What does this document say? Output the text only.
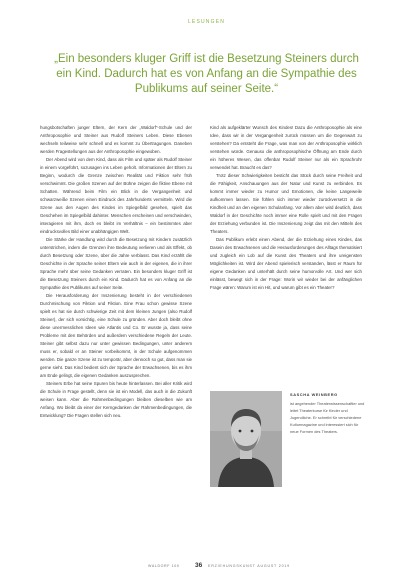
LESUNGEN
„Ein besonders kluger Griff ist die Besetzung Steiners durch ein Kind. Dadurch hat es von Anfang an die Sympathie des Publikums auf seiner Seite.“

hungsbotschaften junger Eltern, der Kern der „Waldorf“-Schule und der Anthroposophie und Steiner aus Rudolf Steiners Leben. Diese Ebenen wechseln teilweise sehr schnell und es kommt zu Übertragungen. Daneben werden Fragestellungen aus der Anthroposophie eingewoben.

Der Abend wird von dem Kind, dass als Film und später als Rudolf Steiner in einem vorgeführt, sozusagen ins Leben geholt. Informationen der Eltern zu Beginn, wodurch die Grenze zwischen Realität und Fiktion sehr früh verschwimmt. Die großen Szenen auf der Bühne zeigen die fiktive Ebene mit Schatten. Während beim Film ein Blick in die Vergangenheit und schwarzweiße Szenen einen Eindruck des Jahrhunderts vermitteln. Wird die Szene aus den Augen des Kindes im Spiegelbild gesehen, spielt das Geschehen im Spiegelbild dahinter. Menschen erscheinen und verschwinden, interagieren mit ihm, doch es bleibt im Verhältnis – ein bestimmtes aber eindrucksvolles Bild einer unabhängigen Welt.

Die Stärke der Handlung wird durch die Besetzung mit Kindern zusätzlich unterstrichen, indem die Grenzen ihre Bedeutung verlieren und als Effekt, ob durch Besetzung oder Szene, über die Jahre verblasst. Das Kind erzählt die Geschichte in der Sprache seiner Eltern wie auch in der eigenen, die in ihrer Sprache mehr über seine Gedanken verraten. Ein besonders kluger Griff ist die Besetzung Steiners durch ein Kind. Dadurch hat es von Anfang an die Sympathie des Publikums auf seiner Seite.

Die Herausforderung der Inszenierung besteht in der verschiedenen Durchmischung von Fiktion und Fiktion. Eine Frau schon gewisse Szene spielt es hat sie durch schwierige Zeit mit dem kleinen Jungen (also Rudolf Steiner), der sich vorsichtig, eine Schule zu gründen. Aber doch bleibt ohne diese unermesslichen Ideen wie Atlantis und Co. Er wusste ja, dass seine Probleme mit den Behörden und außerdem verschiedene Regeln der Leute. Steiner gibt selbst dazu nur unter gewissen Bedingungen, unter anderem muss er, sobald er an Steiner vorbeikommt, in der Schule aufgenommen werden. Die ganze Szene ist zu temporär, aber dennoch so gut, dass man sie gerne sieht. Das Kind bedient sich der Sprache der Erwachsenen, bis es ihm am Ende gelingt, die eigenen Gedanken auszusprechen.

Steiners Erbe hat seine Spuren bis heute hinterlassen. Bei aller Kritik wird die Schule in Frage gestellt, denn sie ist ein Modell, das auch in die Zukunft weisen kann. Aber die Rahmenbedingungen bleiben dieselben wie am Anfang. Wo bleibt da einer der Kerngedanken der Rahmenbedingungen, die Entwicklung? Die Fragen stellen sich neu.

Kind als aufgeklärter Wunsch des Kindes! Dazu die Anthroposophie als eine Idee, dass wir in der Vergangenheit zurück müssen um die Gegenwart zu verstehen? Da entsteht die Frage, was man von der Anthroposophie wirklich verstehen würde. Genauso die anthroposophische Öffnung am Ende durch ein höheres Wesen, das offenbar Rudolf Steiner nur als ein Sprachrohr verwendet hat. Braucht es das?

Trotz dieser Schwierigkeiten besticht das Stück durch seine Freiheit und die Fähigkeit, Anschauungen aus der Natur und Kunst zu verbinden. Es kommt immer wieder zu Humor und Emotionen, die keine Langeweile aufkommen lassen. Sie fühlen sich immer wieder zurückversetzt in die Kindheit und an den eigenen Schulanfang. Vor allem aber wird deutlich, dass Waldorf in der Geschichte noch immer eine Rolle spielt und mit den Fragen der Erziehung verbunden ist. Die Inszenierung zeigt das mit den Mitteln des Theaters.

Das Publikum erlebt einen Abend, der die Erziehung eines Kindes, das Dasein des Erwachsenen und die Herausforderungen des Alltags thematisiert und zugleich ein Lob auf die Kunst des Theaters und ihre ureigensten Möglichkeiten ist. Wird der Abend spielerisch verstanden, lässt er Raum für eigene Gedanken und unterhält durch seine humorvolle Art. Und wer sich einlässt, bewegt sich in der Frage: Worin wir wieder bei der anfänglichen Frage wären: Warum ist ein Hit, und warum gibt es ein Theater?

SASCHA WEINBERG
ist angehender Theaterwissenschaftler und leitet Theaterkurse für Kinder und Jugendliche. Er schreibt für verschiedene Kulturmagazine und interessiert sich für neue Formen des Theaters.
WALDORF 100 36 ERZIEHUNGSKUNST AUGUST 2019
